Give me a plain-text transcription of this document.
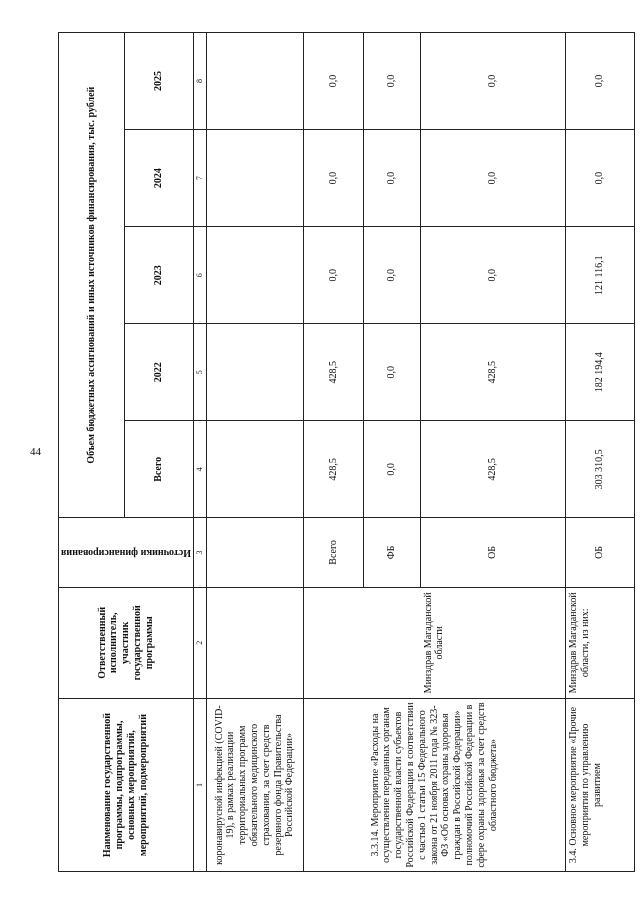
44
Наименование государственной программы, подпрограммы, основных мероприятий, мероприятий, подмероприятий	Ответственный исполнитель, участник государственной программы	Источники финансирования	Объем бюджетных ассигнований и иных источников финансирования, тыс. рублей				
			Всего	2022	2023	2024	2025
1	2	3	4	5	6	7	8
коронавирусной инфекцией (COVID-19), в рамках реализации территориальных программ обязательного медицинского страхования, за счет средств резервного фонда Правительства Российской Федерации»							
3.3.14. Мероприятие «Расходы на осуществление переданных органам государственной власти субъектов Российской Федерации в соответствии с частью 1 статьи 15 Федерального закона от 21 ноября 2011 года № 323-ФЗ «Об основах охраны здоровья граждан в Российской Федерации» полномочий Российской Федерации в сфере охраны здоровья за счет средств областного бюджета»	Минздрав Магаданской области	Всего	428,5	428,5	0,0	0,0	0,0
		ФБ	0,0	0,0	0,0	0,0	0,0
		ОБ	428,5	428,5	0,0	0,0	0,0
3.4. Основное мероприятие «Прочие мероприятия по управлению развитием	Минздрав Магаданской области, из них:	ОБ	303 310,5	182 194,4	121 116,1	0,0	0,0
